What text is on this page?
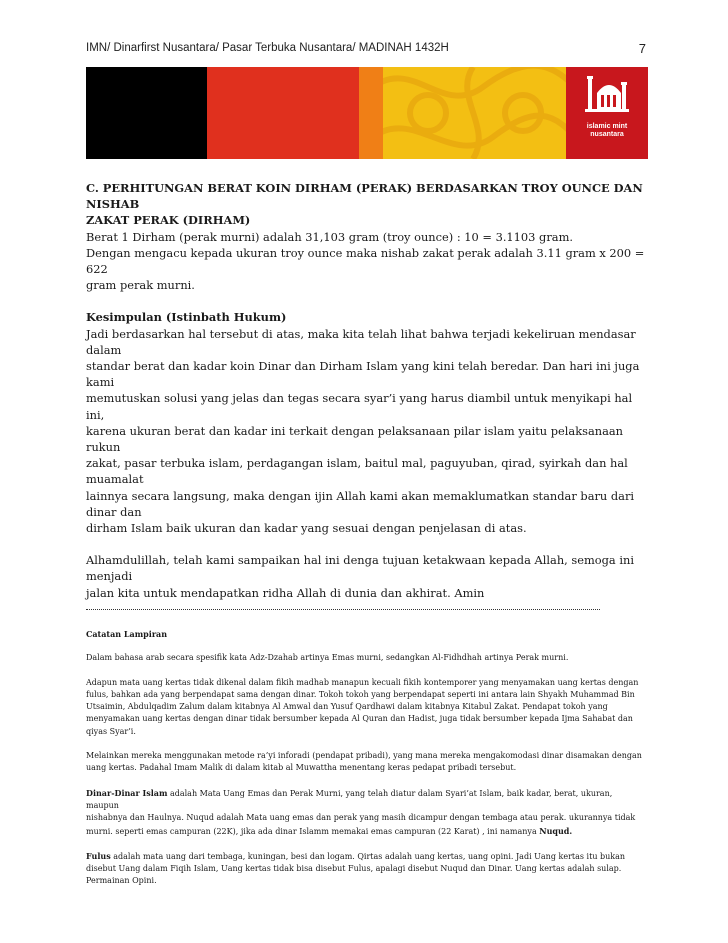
IMN/ Dinarfirst Nusantara/ Pasar Terbuka Nusantara/ MADINAH 1432H	7
islamic mint
nusantara

C. PERHITUNGAN BERAT KOIN DIRHAM (PERAK) BERDASARKAN TROY OUNCE DAN NISHAB

ZAKAT PERAK (DIRHAM)

Berat 1 Dirham (perak murni) adalah 31,103 gram (troy ounce) : 10 = 3.1103 gram.

Dengan mengacu kepada ukuran troy ounce maka nishab zakat perak adalah 3.11 gram x 200 = 622

gram perak murni.

Kesimpulan (Istinbath Hukum)

Jadi berdasarkan hal tersebut di atas, maka kita telah lihat bahwa terjadi kekeliruan mendasar dalam

standar berat dan kadar koin Dinar dan Dirham Islam yang kini telah beredar. Dan hari ini juga kami

memutuskan solusi yang jelas dan tegas secara syar’i yang harus diambil untuk menyikapi hal ini,

karena ukuran berat dan kadar ini terkait dengan pelaksanaan pilar islam yaitu pelaksanaan rukun

zakat, pasar terbuka islam, perdagangan islam, baitul mal, paguyuban, qirad, syirkah dan hal muamalat

lainnya secara langsung, maka dengan ijin Allah kami akan memaklumatkan standar baru dari dinar dan

dirham Islam baik ukuran dan kadar yang sesuai dengan penjelasan di atas.

Alhamdulillah, telah kami sampaikan hal ini denga tujuan ketakwaan kepada Allah, semoga ini menjadi

jalan kita untuk mendapatkan ridha Allah di dunia dan akhirat. Amin

Catatan Lampiran

Dalam bahasa arab secara spesifik kata Adz-Dzahab artinya Emas murni, sedangkan Al-Fidhdhah artinya Perak murni.

Adapun mata uang kertas tidak dikenal dalam fikih madhab manapun kecuali fikih kontemporer yang menyamakan uang kertas dengan

fulus, bahkan ada yang berpendapat sama dengan dinar. Tokoh tokoh yang berpendapat seperti ini antara lain Shyakh Muhammad Bin

Utsaimin, Abdulqadim Zalum dalam kitabnya Al Amwal dan Yusuf Qardhawi dalam kitabnya Kitabul Zakat. Pendapat tokoh yang

menyamakan uang kertas dengan dinar tidak bersumber kepada Al Quran dan Hadist, juga tidak bersumber kepada Ijma Sahabat dan

qiyas Syar’i.

Melainkan mereka menggunakan metode ra’yi inforadi (pendapat pribadi), yang mana mereka mengakomodasi dinar disamakan dengan

uang kertas. Padahal Imam Malik di dalam kitab al Muwattha menentang keras pedapat pribadi tersebut.

Dinar-Dinar Islam adalah Mata Uang Emas dan Perak Murni, yang telah diatur dalam Syari’at Islam, baik kadar, berat, ukuran, maupun

nishabnya dan Haulnya. Nuqud adalah Mata uang emas dan perak yang masih dicampur dengan tembaga atau perak. ukurannya tidak

murni. seperti emas campuran (22K), jika ada dinar Islamm memakai emas campuran (22 Karat) , ini namanya Nuqud.

Fulus adalah mata uang dari tembaga, kuningan, besi dan logam. Qirtas adalah uang kertas, uang opini. Jadi Uang kertas itu bukan

disebut Uang dalam Fiqih Islam, Uang kertas tidak bisa disebut Fulus, apalagi disebut Nuqud dan Dinar. Uang kertas adalah sulap.

Permainan Opini.
